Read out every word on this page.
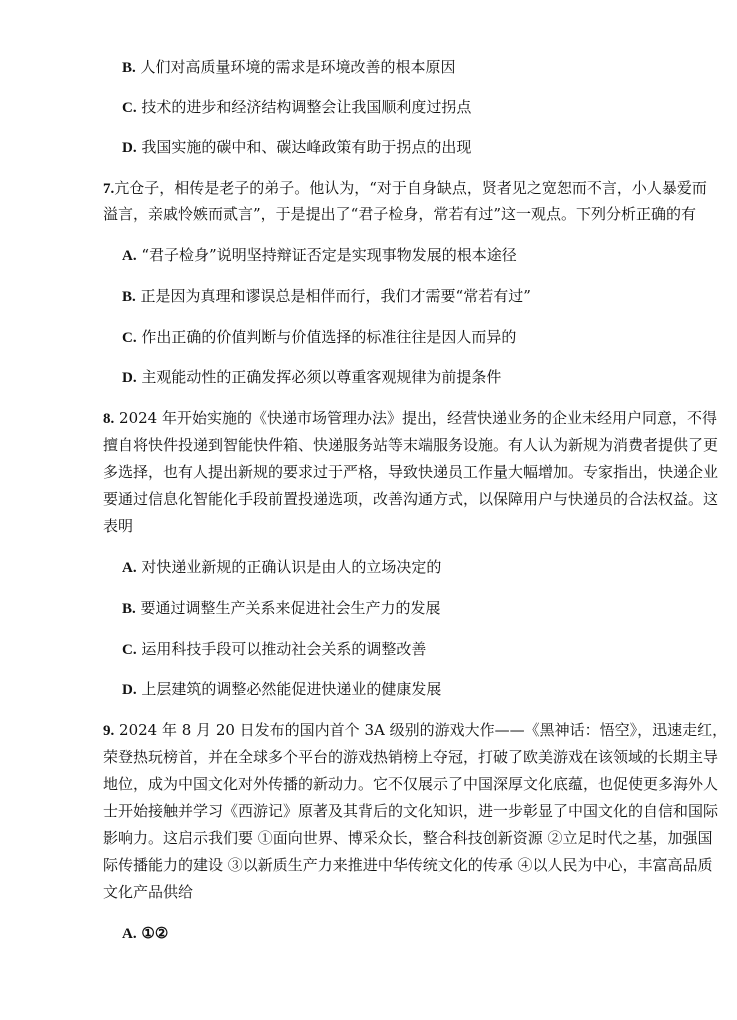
B. 人们对高质量环境的需求是环境改善的根本原因
C. 技术的进步和经济结构调整会让我国顺利度过拐点
D. 我国实施的碳中和、碳达峰政策有助于拐点的出现
7.亢仓子，相传是老子的弟子。他认为，“对于自身缺点，贤者见之宽恕而不言，小人暴爱而
溢言，亲戚怜嫉而贰言”，于是提出了“君子检身，常若有过”这一观点。下列分析正确的有
A. “君子检身”说明坚持辩证否定是实现事物发展的根本途径
B. 正是因为真理和谬误总是相伴而行，我们才需要“常若有过”
C. 作出正确的价值判断与价值选择的标准往往是因人而异的
D. 主观能动性的正确发挥必须以尊重客观规律为前提条件
8. 2024 年开始实施的《快递市场管理办法》提出，经营快递业务的企业未经用户同意，不得
擅自将快件投递到智能快件箱、快递服务站等末端服务设施。有人认为新规为消费者提供了更
多选择，也有人提出新规的要求过于严格，导致快递员工作量大幅增加。专家指出，快递企业
要通过信息化智能化手段前置投递选项，改善沟通方式，以保障用户与快递员的合法权益。这
表明
A. 对快递业新规的正确认识是由人的立场决定的
B. 要通过调整生产关系来促进社会生产力的发展
C. 运用科技手段可以推动社会关系的调整改善
D. 上层建筑的调整必然能促进快递业的健康发展
9. 2024 年 8 月 20 日发布的国内首个 3A 级别的游戏大作——《黑神话：悟空》，迅速走红，
荣登热玩榜首，并在全球多个平台的游戏热销榜上夺冠，打破了欧美游戏在该领域的长期主导
地位，成为中国文化对外传播的新动力。它不仅展示了中国深厚文化底蕴，也促使更多海外人
士开始接触并学习《西游记》原著及其背后的文化知识，进一步彰显了中国文化的自信和国际
影响力。这启示我们要 ①面向世界、博采众长，整合科技创新资源 ②立足时代之基，加强国
际传播能力的建设 ③以新质生产力来推进中华传统文化的传承 ④以人民为中心，丰富高品质
文化产品供给
A. ①②
